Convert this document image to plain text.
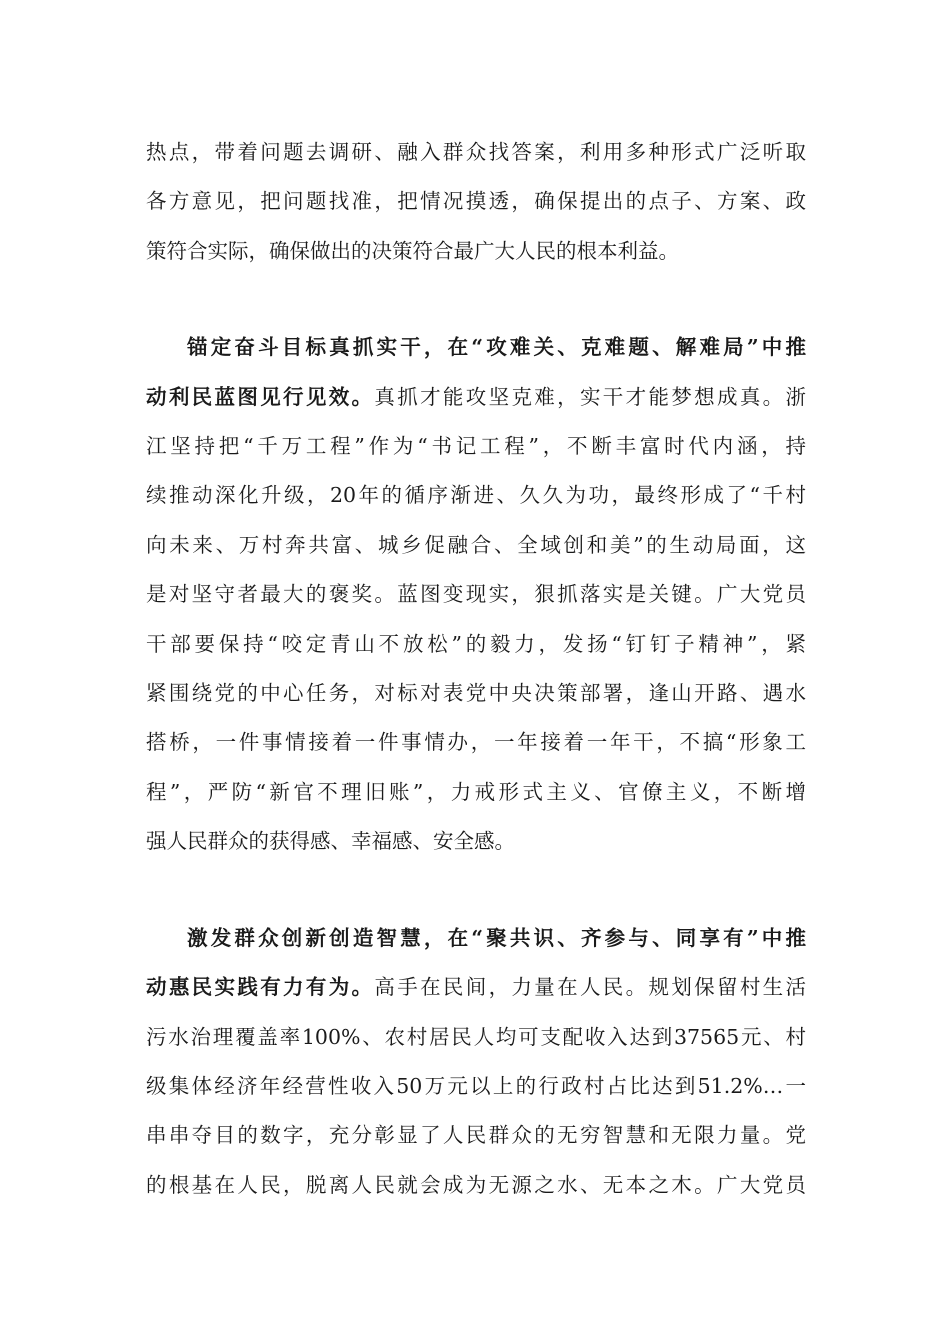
热点，带着问题去调研、融入群众找答案，利用多种形式广泛听取
各方意见，把问题找准，把情况摸透，确保提出的点子、方案、政
策符合实际，确保做出的决策符合最广大人民的根本利益。

锚定奋斗目标真抓实干，在“攻难关、克难题、解难局”中推
动利民蓝图见行见效。真抓才能攻坚克难，实干才能梦想成真。浙
江坚持把“千万工程”作为“书记工程”，不断丰富时代内涵，持
续推动深化升级，20年的循序渐进、久久为功，最终形成了“千村
向未来、万村奔共富、城乡促融合、全域创和美”的生动局面，这
是对坚守者最大的褒奖。蓝图变现实，狠抓落实是关键。广大党员
干部要保持“咬定青山不放松”的毅力，发扬“钉钉子精神”，紧
紧围绕党的中心任务，对标对表党中央决策部署，逢山开路、遇水
搭桥，一件事情接着一件事情办，一年接着一年干，不搞“形象工
程”，严防“新官不理旧账”，力戒形式主义、官僚主义，不断增
强人民群众的获得感、幸福感、安全感。

激发群众创新创造智慧，在“聚共识、齐参与、同享有”中推
动惠民实践有力有为。高手在民间，力量在人民。规划保留村生活
污水治理覆盖率100%、农村居民人均可支配收入达到37565元、村
级集体经济年经营性收入50万元以上的行政村占比达到51.2%…一
串串夺目的数字，充分彰显了人民群众的无穷智慧和无限力量。党
的根基在人民，脱离人民就会成为无源之水、无本之木。广大党员
